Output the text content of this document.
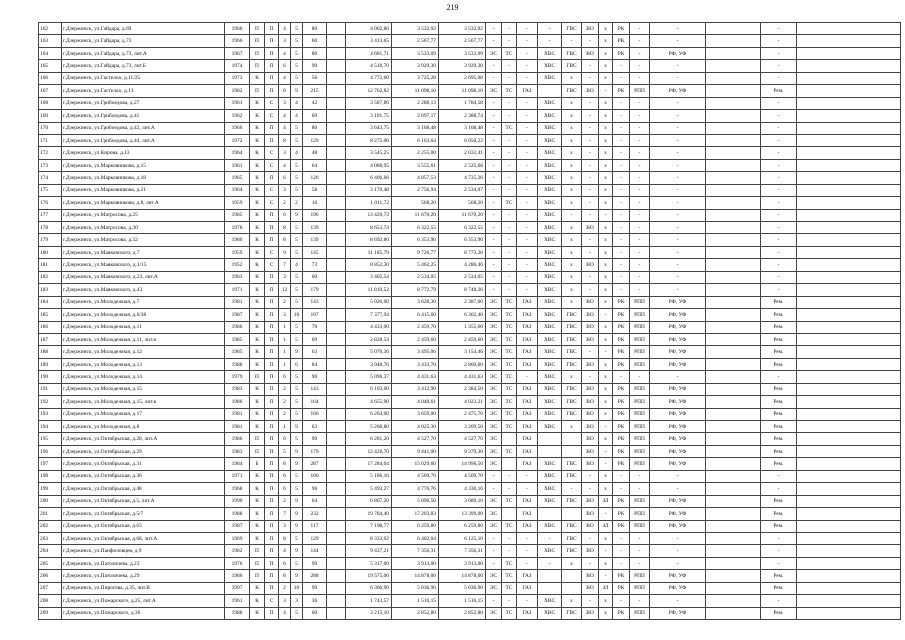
219
162	г.Дзержинск, ул.Гайдара, д.69	1966	П	П	4	5	80		4 062,86	3 532,92	3 532,92	-	-	-	-	ГВС	ВО	х	РК	-	-		-	
163	г.Дзержинск, ул.Гайдара, д.73	1966	П	П	3	5	60		3 413,65	2 567,77	2 567,77	-	-	-	-	-	-	х	РК	-	-		-	
164	г.Дзержинск, ул.Гайдара, д.73, лит.А	1967	П	П	4	5	80		4 681,71	3 533,09	3 533,09	ЭС	ТС	-	ХВС	ГВС	ВО	х	РК	-	РФ, УФ		-	
165	г.Дзержинск, ул.Гайдара, д.73, лит.Б	1974	П	П	6	5	90		4 518,70	3 929,30	3 929,30	-	-	-	ХВС	ГВС	-	х	-	-	-		-	
166	г.Дзержинск, ул.Гастелло, д.11/25	1973	К	П	4	5	56		4 772,60	3 725,28	2 695,08	-	-	-	ХВС	х	-	х	-	-	-		-	
167	г.Дзержинск, ул.Гастелло, д.13	1982	П	П	6	9	215		12 762,82	11 098,10	11 098,10	ЭС	ТС	ГАЗ		ГВС	ВО	-	РК	РПП	РФ, УФ		Рем.	
168	г.Дзержинск, ул.Грибоедова, д.27	1961	К	С	3	4	42		3 587,86	2 288,13	1 784,58	-	-	-	ХВС	х	-	х	-	-	-		-	
169	г.Дзержинск, ул.Грибоедова, д.41	1962	К	С	4	4	60		3 101,75	2 697,17	2 388,74	-	-	-	ХВС	х	-	х	-	-	-		-	
170	г.Дзержинск, ул.Грибоедова, д.42, лит.А	1966	К	П	4	5	80		3 643,75	3 168,48	3 168,48	-	ТС	-	ХВС	х	-	х	-	-	-		-	
171	г.Дзержинск, ул.Грибоедова, д.44, лит.А	1972	К	П	8	5	129		8 275,06	6 163,64	6 050,22	-	-	-	ХВС	х	-	х	-	-	-		-	
172	г.Дзержинск, ул.Кирова, д.13	1964	К	С	3	4	48		3 545,25	2 255,00	2 032,41	-	-	-	ХВС	х	-	х	-	-	-		-	
173	г.Дзержинск, ул.Марковникова, д.15	1961	К	С	4	5	64		4 088,95	3 555,61	2 525,68	-	-	-	ХВС	х	-	х	-	-	-		-	
174	г.Дзержинск, ул.Марковникова, д.18	1965	К	П	6	5	120		6 406,66	4 857,53	4 735,26	-	-	-	ХВС	х	-	х	-	-	-		-	
175	г.Дзержинск, ул.Марковникова, д.21	1964	К	С	3	5	58		3 170,48	2 756,94	2 534,07	-	-	-	ХВС	х	-	х	-	-	-		-	
176	г.Дзержинск, ул.Марковникова, д.8, лит.А	1959	К	С	2	2	16		1 011,72	568,20	568,20	-	ТС	-	ХВС	х	-	х	-	-	-		-	
177	г.Дзержинск, ул.Матросова, д.25	1985	К	П	6	9	196		13 420,73	11 670,20	11 670,20	-	-	-	ХВС	-	-	-	-	-	-		-	
178	г.Дзержинск, ул.Матросова, д.30	1978	К	П	8	5	139		8 653,74	6 322,55	6 322,55	-	-	-	ХВС	х	ВО	х	-	-	-		-	
179	г.Дзержинск, ул.Матросова, д.32	1980	К	П	8	5	139		8 692,80	6 353,90	6 353,90	-	-	-	ХВС	х	-	х	-	-	-		-	
180	г.Дзержинск, ул.Маяковского, д.7	1959	К	С	9	5	145		11 185,79	9 726,77	8 773,26	-	-	-	ХВС	х	-	х	-	-	-		-	
181	г.Дзержинск, ул.Маяковского, д.1/15	1952	К	С	7	4	73		8 852,30	5 462,25	4 286,46	-	-	-	ХВС	х	ВО	х	-	-	-		-	
182	г.Дзержинск, ул.Маяковского, д.23, лит.А	1963	К	П	3	5	60		3 405,54	2 534,05	2 534,05	-	-	-	ХВС	х	-	х	-	-	-		-	
183	г.Дзержинск, ул.Маяковского, д.43	1971	К	П	12	5	179		11 810,52	8 772,79	8 748,26	-	-	-	ХВС	х	-	х	-	-	-		-	
184	г.Дзержинск, ул.Молодежная, д.7	1981	К	П	2	5	143		5 026,00	3 628,30	2 387,00	ЭС	ТС	ГАЗ	ХВС	х	ВО	х	РК	РПП	РФ, УФ		Рем.	
185	г.Дзержинск, ул.Молодежная, д.6/38	1987	К	П	3	10	107		7 377,94	6 415,60	6 362,40	ЭС	ТС	ГАЗ	ХВС	ГВС	ВО	-	РК	РПП	РФ, УФ		Рем.	
186	г.Дзержинск, ул.Молодежная, д.11	1986	К	П	1	5	70		4 433,00	2 459,70	1 355,60	ЭС	ТС	ГАЗ	ХВС	ГВС	ВО	х	РК	РПП	РФ, УФ		Рем.	
187	г.Дзержинск, ул.Молодежная, д.11, лит.в	1985	К	П	1	5	69		2 828,54	2 459,60	2 459,60	ЭС	ТС	ГАЗ	ХВС	ГВС	ВО	х	РК	РПП	РФ, УФ		Рем.	
188	г.Дзержинск, ул.Молодежная, д.12	1985	К	П	1	9	63		5 076,36	3 495,06	3 154,46	ЭС	ТС	ГАЗ	ХВС	ГВС	-	-	РК	РПП	РФ, УФ		Рем.	
189	г.Дзержинск, ул.Молодежная, д.13	1988	К	П	1	6	84		3 948,76	3 433,70	2 860,00	ЭС	ТС	ГАЗ	ХВС	ГВС	ВО	х	РК	РПП	РФ, УФ		Рем.	
190	г.Дзержинск, ул.Молодежная, д.14	1979	П	П	6	5	90		5 096,37	4 431,63	4 431,63	ЭС	ТС	-	ХВС	х	-	х	-	-	-		-	
191	г.Дзержинск, ул.Молодежная, д.15	1983	К	П	2	5	143		6 103,00	3 412,90	2 384,50	ЭС	ТС	ГАЗ	ХВС	ГВС	ВО	х	РК	РПП	РФ, УФ		Рем.	
192	г.Дзержинск, ул.Молодежная, д.15, лит.в	1986	К	П	2	5	164		4 655,90	4 048,61	4 023,21	ЭС	ТС	ГАЗ	ХВС	ГВС	ВО	х	РК	РПП	РФ, УФ		Рем.	
193	г.Дзержинск, ул.Молодежная, д.17	1981	К	П	2	5	166		6 264,00	3 659,00	2 475,70	ЭС	ТС	ГАЗ	ХВС	ГВС	ВО	х	РК	РПП	РФ, УФ		Рем.	
194	г.Дзержинск, ул.Молодежная, д.8	1981	К	П	1	9	63		5 268,80	4 025,30	3 209,50	ЭС	ТС	ГАЗ	ХВС	х	ВО	-	РК	РПП	РФ, УФ		Рем.	
195	г.Дзержинск, ул.Октябрьская, д.28, лит.А	1986	П	П	6	5	90		6 281,20	4 527,70	4 527,70	ЭС		ГАЗ			ВО	х	РК	РПП	РФ, УФ		Рем.	
196	г.Дзержинск, ул.Октябрьская, д.29	1983	П	П	5	9	179		12 426,70	9 441,00	9 379,30	ЭС	ТС	ГАЗ			ВО	-	РК	РПП	РФ, УФ		Рем.	
197	г.Дзержинск, ул.Октябрьская, д.31	1984	Б	П	8	9	287		17 284,04	15 029,60	14 996,50	ЭС		ГАЗ	ХВС	ГВС	ВО	-	РК	РПП	РФ, УФ		Рем.	
198	г.Дзержинск, ул.Октябрьская, д.36	1971	К	П	6	5	100		5 186,16	4 509,70	4 509,70	-	-	-	ХВС	ГВС	-	х	-	-	-		-	
199	г.Дзержинск, ул.Октябрьская, д.48	1968	К	П	6	5	96		5 493,27	4 776,76	4 330,16	-	-	-	ХВС	-	-	х	-	-	-		-	
200	г.Дзержинск, ул.Октябрьская, д.5, лит.А	1990	К	П	2	9	64		6 867,20	5 096,50	3 689,10	ЭС	ТС	ГАЗ	ХВС	ГВС	ВО	ЗЛ	РК	РПП	РФ, УФ		Рем.	
201	г.Дзержинск, ул.Октябрьская, д.5/7	1988	К	П	7	9	232		19 784,40	17 203,83	13 399,00	ЭС		ГАЗ			ВО	-	РК	РПП	РФ, УФ		Рем.	
202	г.Дзержинск, ул.Октябрьская, д.63	1987	К	П	3	9	117		7 198,77	6 259,80	6 259,80	ЭС	ТС	ГАЗ	ХВС	ГВС	ВО	ЗЛ	РК	РПП	РФ, УФ		Рем.	
203	г.Дзержинск, ул.Октябрьская, д.68, лит.А	1969	К	П	8	5	129		8 333,02	6 402,04	6 125,10	-	-	-	-	ГВС	-	х	-	-	-		-	
204	г.Дзержинск, ул.Панфиловцев, д.9	1982	П	П	4	9	144		9 437,21	7 356,31	7 356,31	-	-	-	ХВС	ГВС	ВО	-	-	-	-		-	
205	г.Дзержинск, ул.Патоличева, д.23	1976	П	П	6	5	90		5 317,00	3 913,00	3 913,00	-	ТС	-	-	х	-	х	-	-	-		-	
206	г.Дзержинск, ул.Патоличева, д.29	1986	П	П	8	9	288		19 575,00	14 878,00	14 878,00	ЭС	ТС	ГАЗ			ВО	-	РК	РПП	РФ, УФ		Рем.	
207	г.Дзержинск, ул.Пирогова, д.35, лит.В	1997	К	П	2	10	90		6 366,90	5 036,90	5 036,90	ЭС	ТС	ГАЗ			ВО	ЗЛ	РК	РПП	РФ, УФ		Рем.	
208	г.Дзержинск, ул.Пожарского, д.25, лит.А	1961	К	С	3	3	36		1 743,57	1 516,15	1 516,15	-	-	-	ХВС	х	-	х	-	-	-		-	
209	г.Дзержинск, ул.Пожарского, д.36	1988	К	П	4	5	60		3 215,10	2 852,80	2 852,80	ЭС	ТС	ГАЗ	ХВС	ГВС	ВО	х	РК	РПП	РФ, УФ		Рем.	
